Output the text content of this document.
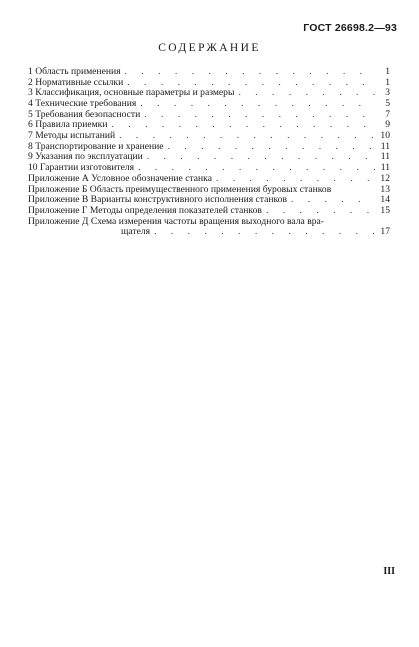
ГОСТ 26698.2—93
СОДЕРЖАНИЕ
1 Область применения . . .	1
2 Нормативные ссылки . . .	1
3 Классификация, основные параметры и размеры . . .	3
4 Технические требования . . .	5
5 Требования безопасности . . .	7
6 Правила приемки . . .	9
7 Методы испытаний . . .	10
8 Транспортирование и хранение . . .	11
9 Указания по эксплуатации . . .	11
10 Гарантии изготовителя . . .	11
Приложение А Условное обозначение станка . . .	12
Приложение Б Область преимущественного применения буровых станков	13
Приложение В Варианты конструктивного исполнения станков . . .	14
Приложение Г Методы определения показателей станков . . .	15
Приложение Д Схема измерения частоты вращения выходного вала вра-
щателя . . .	17
III
